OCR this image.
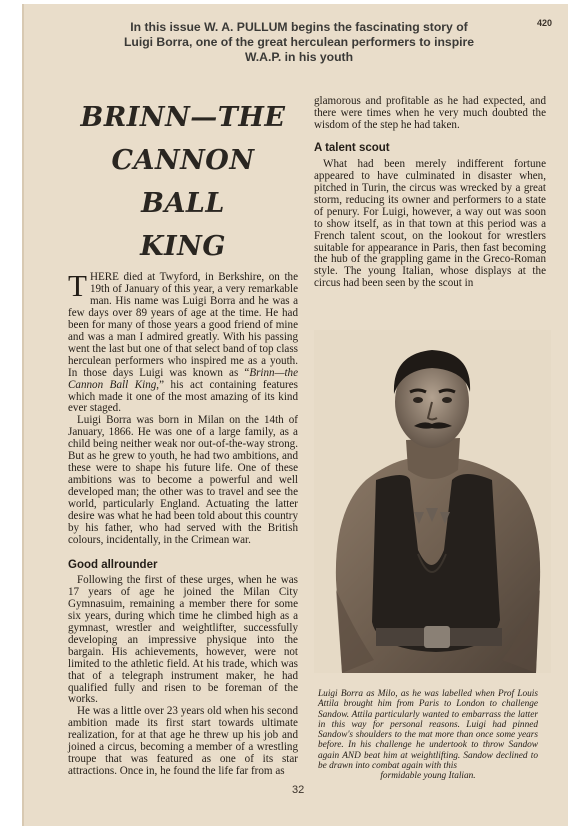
420
In this issue W. A. PULLUM begins the fascinating story of
Luigi Borra, one of the great herculean performers to inspire
W.A.P. in his youth
BRINN—THE
CANNON BALL
KING

THERE died at Twyford, in Berkshire, on the 19th of January of this year, a very remarkable man. His name was Luigi Borra and he was a few days over 89 years of age at the time. He had been for many of those years a good friend of mine and was a man I admired greatly. With his passing went the last but one of that select band of top class herculean performers who inspired me as a youth. In those days Luigi was known as “Brinn—the Cannon Ball King,” his act containing features which made it one of the most amazing of its kind ever staged.

Luigi Borra was born in Milan on the 14th of January, 1866. He was one of a large family, as a child being neither weak nor out-of-the-way strong. But as he grew to youth, he had two ambitions, and these were to shape his future life. One of these ambitions was to become a powerful and well developed man; the other was to travel and see the world, particularly England. Actuating the latter desire was what he had been told about this country by his father, who had served with the British colours, incidentally, in the Crimean war.

Good allrounder

Following the first of these urges, when he was 17 years of age he joined the Milan City Gymnasuim, remaining a member there for some six years, during which time he climbed high as a gymnast, wrestler and weightlifter, successfully developing an impressive physique into the bargain. His achievements, however, were not limited to the athletic field. At his trade, which was that of a telegraph instrument maker, he had qualified fully and risen to be foreman of the works.

He was a little over 23 years old when his second ambition made its first start towards ultimate realization, for at that age he threw up his job and joined a circus, becoming a member of a wrestling troupe that was featured as one of its star attractions. Once in, he found the life far from as

glamorous and profitable as he had expected, and there were times when he very much doubted the wisdom of the step he had taken.

A talent scout

What had been merely indifferent fortune appeared to have culminated in disaster when, pitched in Turin, the circus was wrecked by a great storm, reducing its owner and performers to a state of penury. For Luigi, however, a way out was soon to show itself, as in that town at this period was a French talent scout, on the lookout for wrestlers suitable for appearance in Paris, then fast becoming the hub of the grappling game in the Greco-Roman style. The young Italian, whose displays at the circus had been seen by the scout in

Luigi Borra as Milo, as he was labelled when Prof Louis Attila brought him from Paris to London to challenge Sandow. Attila particularly wanted to embarrass the latter in this way for personal reasons. Luigi had pinned Sandow's shoulders to the mat more than once some years before. In his challenge he undertook to throw Sandow again AND beat him at weightlifting. Sandow declined to be drawn into combat again with this
formidable young Italian.
32
